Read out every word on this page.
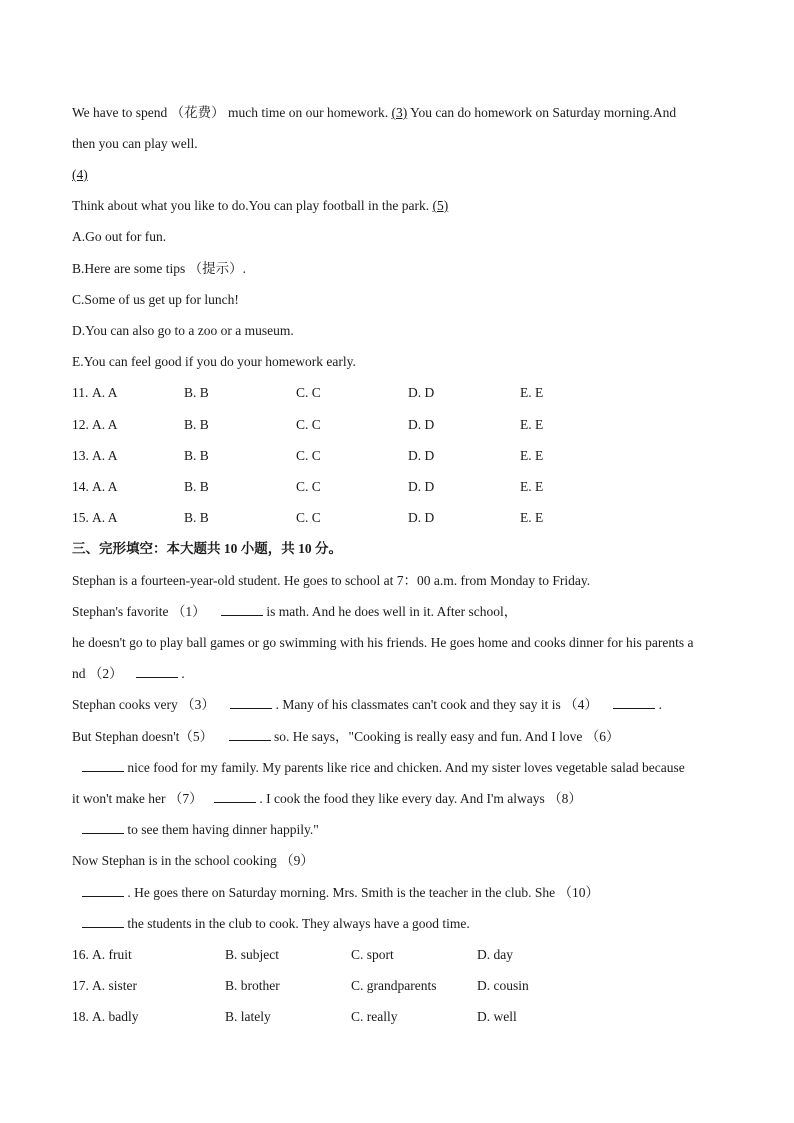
We have to spend （花费） much time on our homework. (3) You can do homework on Saturday morning.And
then you can play well.
(4)
Think about what you like to do.You can play football in the park. (5)
A.Go out for fun.
B.Here are some tips （提示）.
C.Some of us get up for lunch!
D.You can also go to a zoo or a museum.
E.You can feel good if you do your homework early.
11. A. A	B. B	C. C	D. D	E. E
12. A. A	B. B	C. C	D. D	E. E
13. A. A	B. B	C. C	D. D	E. E
14. A. A	B. B	C. C	D. D	E. E
15. A. A	B. B	C. C	D. D	E. E
三、完形填空：本大题共 10 小题，共 10 分。
Stephan is a fourteen-year-old student. He goes to school at 7：00 a.m. from Monday to Friday.
Stephan's favorite （1）	is math. And he does well in it. After school，
he doesn't go to play ball games or go swimming with his friends. He goes home and cooks dinner for his parents a
nd （2）	.
Stephan cooks very （3）	. Many of his classmates can't cook and they say it is （4）	.
But Stephan doesn't（5）	so. He says，"Cooking is really easy and fun. And I love （6）
nice food for my family. My parents like rice and chicken. And my sister loves vegetable salad because
it won't make her （7）	. I cook the food they like every day. And I'm always （8）
to see them having dinner happily."
Now Stephan is in the school cooking （9）
. He goes there on Saturday morning. Mrs. Smith is the teacher in the club. She （10）
the students in the club to cook. They always have a good time.
16. A. fruit	B. subject	C. sport	D. day
17. A. sister	B. brother	C. grandparents	D. cousin
18. A. badly	B. lately	C. really	D. well
